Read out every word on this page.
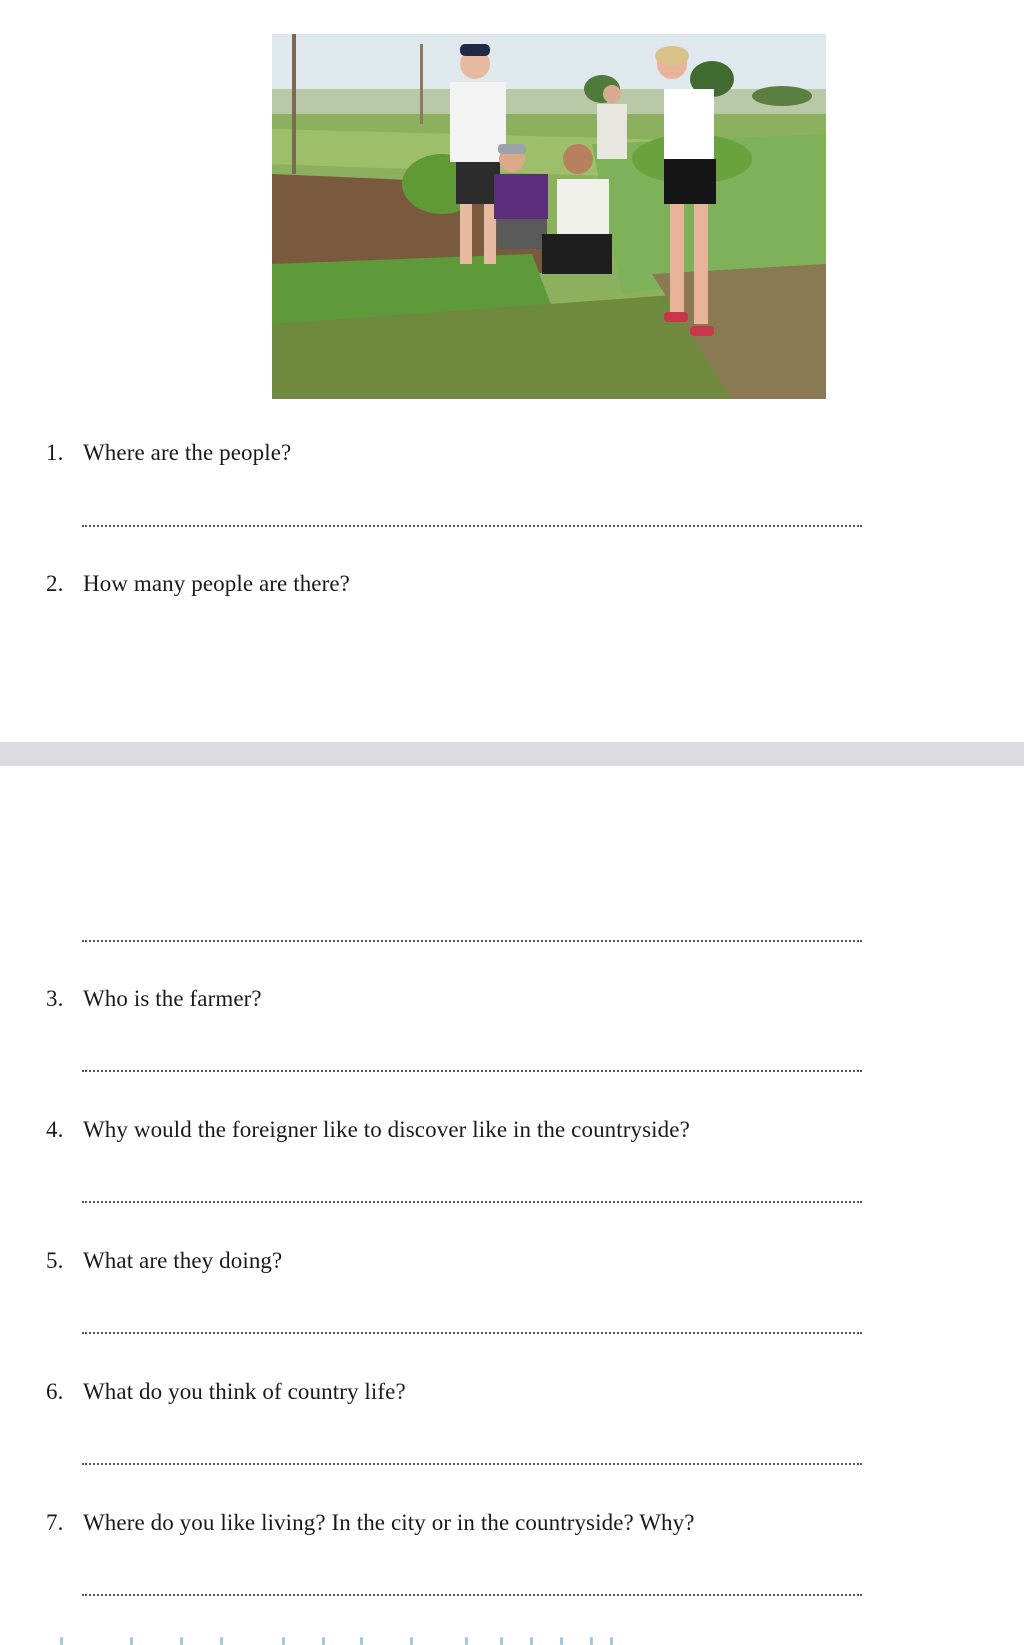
1. Where are the people?
2. How many people are there?
3. Who is the farmer?
4. Why would the foreigner like to discover like in the countryside?
5. What are they doing?
6. What do you think of country life?
7. Where do you like living? In the city or in the countryside? Why?
